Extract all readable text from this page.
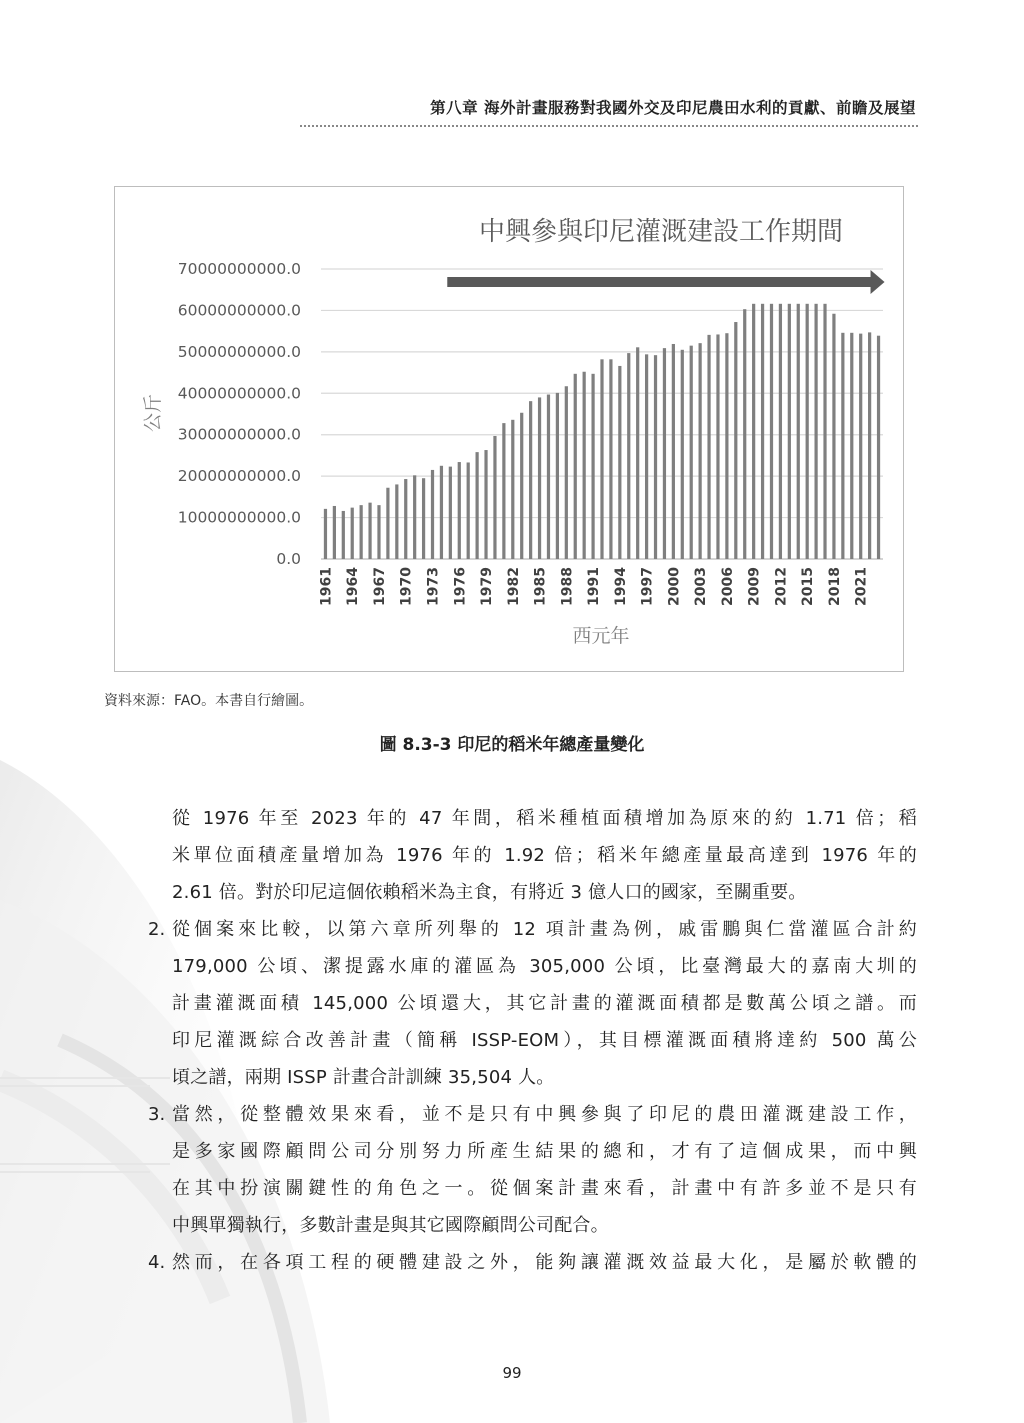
第八章 海外計畫服務對我國外交及印尼農田水利的貢獻、前瞻及展望
0.0
10000000000.0
20000000000.0
30000000000.0
40000000000.0
50000000000.0
60000000000.0
70000000000.0
1961 1964 1967 1970 1973 1976 1979 1982 1985 1988 1991 1994 1997 2000 2003 2006 2009 2012 2015 2018 2021
西元年
公斤
中興參與印尼灌溉建設工作期間
資料來源：FAO。本書自行繪圖。
圖 8.3-3 印尼的稻米年總產量變化
從 1976 年至 2023 年的 47 年間，稻米種植面積增加為原來的約 1.71 倍；稻
米單位面積產量增加為 1976 年的 1.92 倍；稻米年總產量最高達到 1976 年的
2.61 倍。對於印尼這個依賴稻米為主食，有將近 3 億人口的國家，至關重要。
2. 從個案來比較，以第六章所列舉的 12 項計畫為例，戚雷鵬與仁當灌區合計約
179,000 公頃、潔提露水庫的灌區為 305,000 公頃，比臺灣最大的嘉南大圳的
計畫灌溉面積 145,000 公頃還大，其它計畫的灌溉面積都是數萬公頃之譜。而
印尼灌溉綜合改善計畫（簡稱 ISSP-EOM），其目標灌溉面積將達約 500 萬公
頃之譜，兩期 ISSP 計畫合計訓練 35,504 人。
3. 當然，從整體效果來看，並不是只有中興參與了印尼的農田灌溉建設工作，
是多家國際顧問公司分別努力所產生結果的總和，才有了這個成果，而中興
在其中扮演關鍵性的角色之一。從個案計畫來看，計畫中有許多並不是只有
中興單獨執行，多數計畫是與其它國際顧問公司配合。
4. 然而，在各項工程的硬體建設之外，能夠讓灌溉效益最大化，是屬於軟體的
99
